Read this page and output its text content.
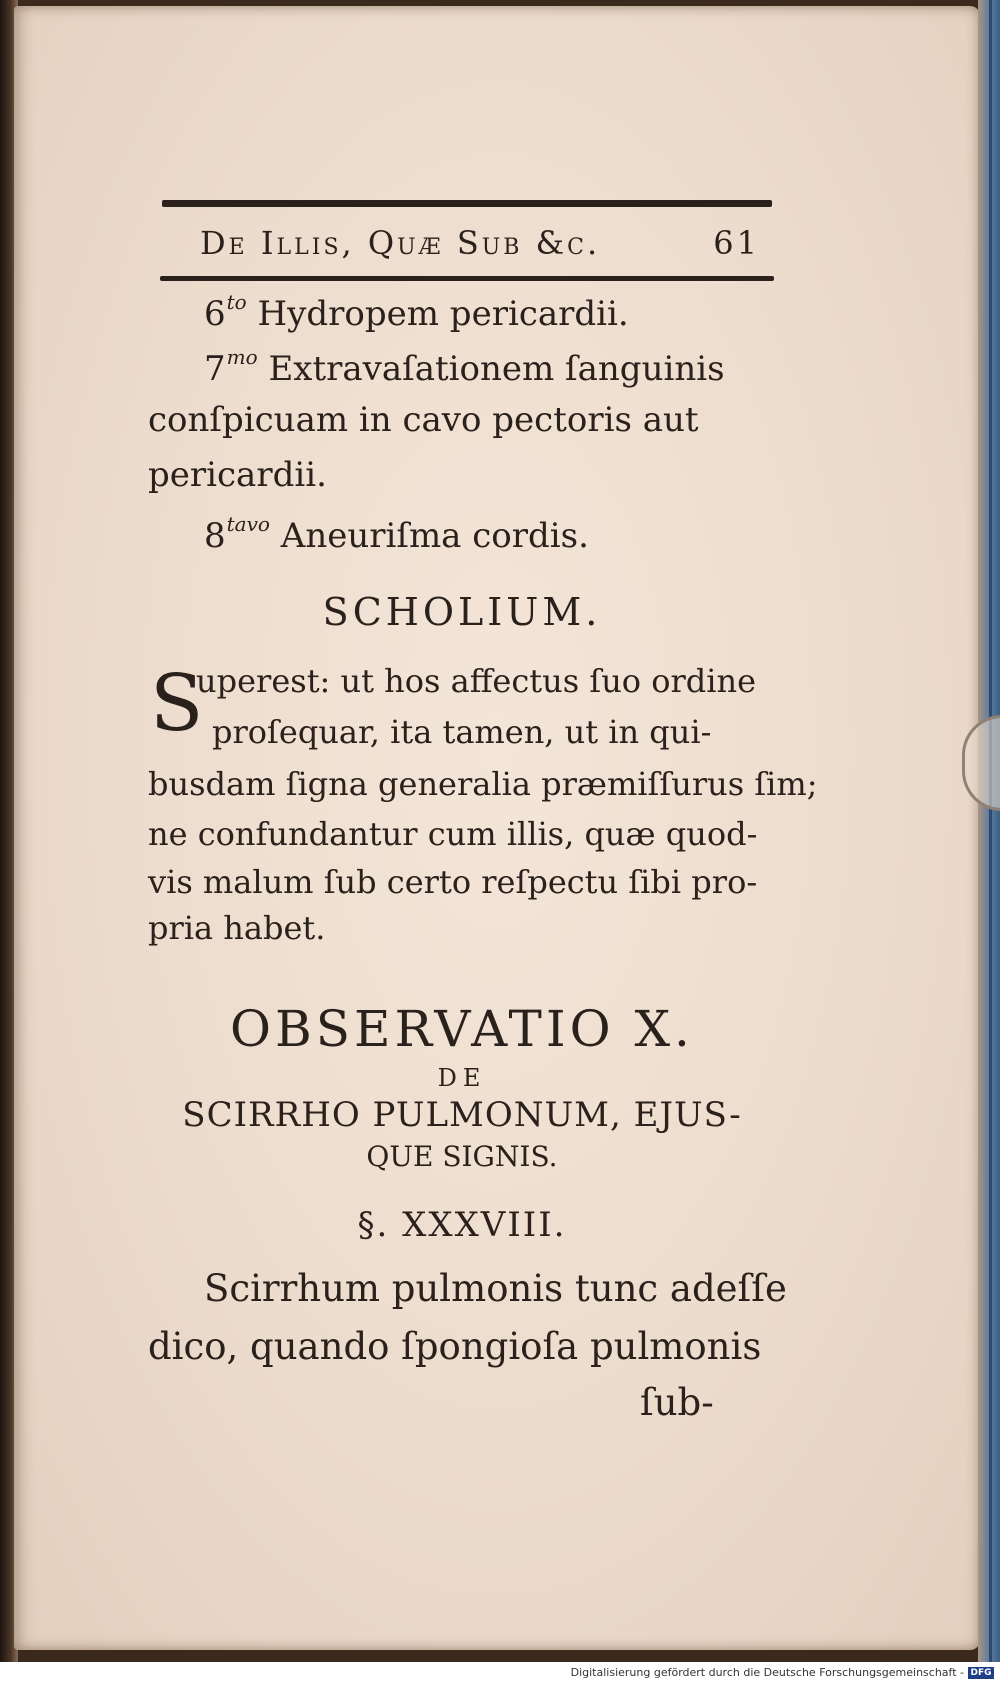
De Illis, Quæ Sub &c.	61
$6^{to}$ Hydropem pericardii.
$7^{mo}$ Extravaſationem ſanguinis
conſpicuam in cavo pectoris aut
pericardii.
$8^{tavo}$ Aneuriſma cordis.
SCHOLIUM.
S
uperest: ut hos affectus ſuo ordine
proſequar, ita tamen, ut in qui-
busdam ſigna generalia præmiſſurus ſim;
ne confundantur cum illis, quæ quod-
vis malum ſub certo reſpectu ſibi pro-
pria habet.
OBSERVATIO X.
DE
SCIRRHO PULMONUM, EJUS-
QUE SIGNIS.
§. XXXVIII.
Scirrhum pulmonis tunc adeſſe
dico, quando ſpongioſa pulmonis
ſub-
Digitalisierung gefördert durch die Deutsche Forschungsgemeinschaft - DFG
